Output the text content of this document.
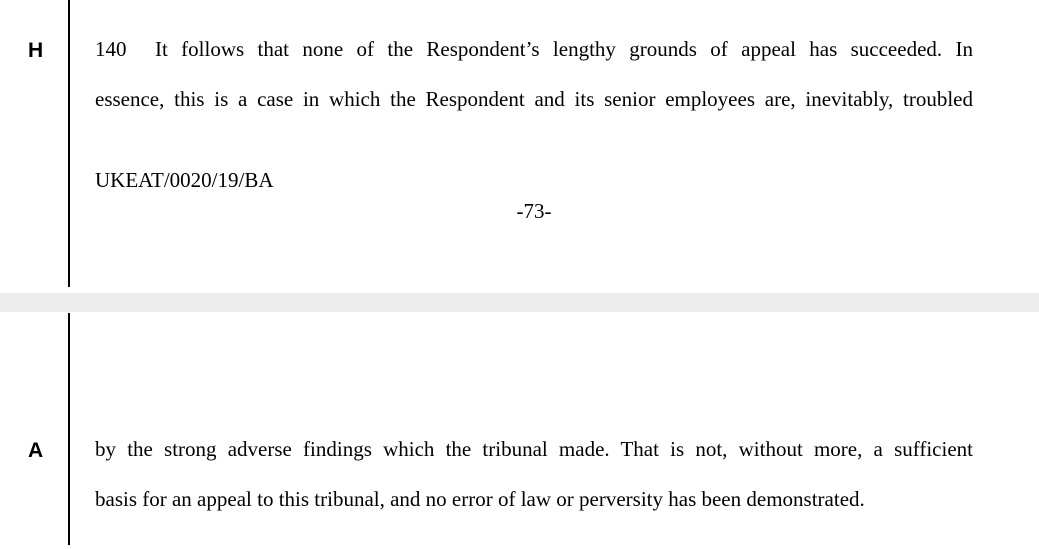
H 140 It follows that none of the Respondent’s lengthy grounds of appeal has succeeded. In
essence, this is a case in which the Respondent and its senior employees are, inevitably, troubled
UKEAT/0020/19/BA
-73-
A by the strong adverse findings which the tribunal made. That is not, without more, a sufficient
basis for an appeal to this tribunal, and no error of law or perversity has been demonstrated.
